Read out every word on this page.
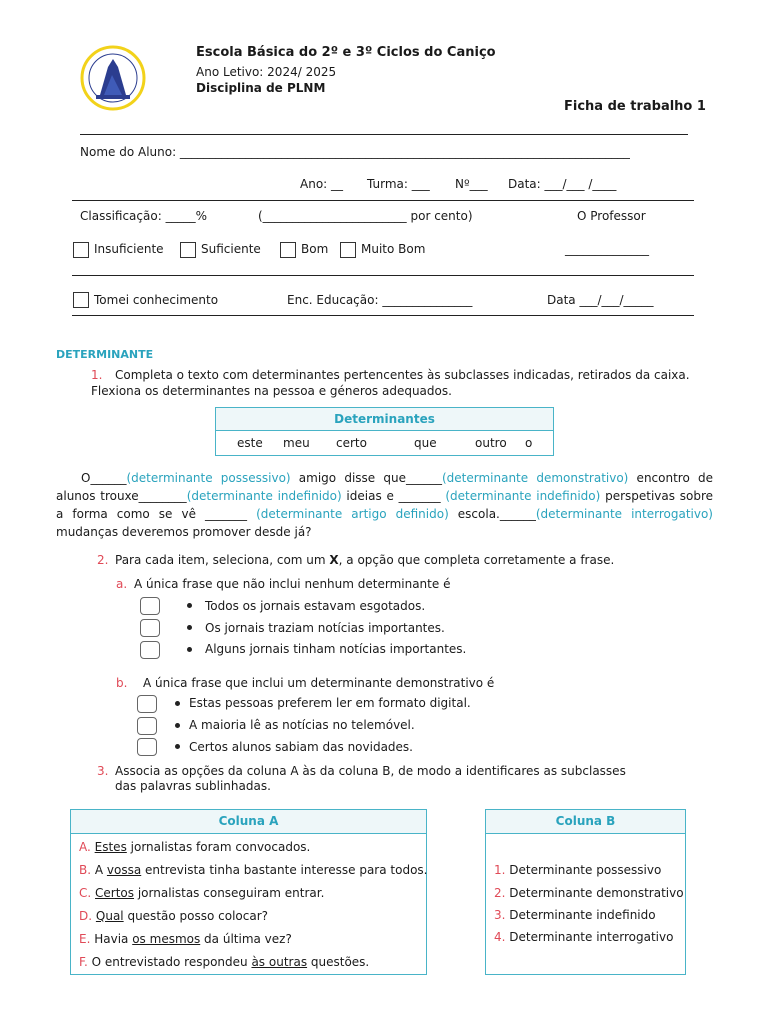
Escola Básica do 2º e 3º Ciclos do Caniço
Ano Letivo: 2024/ 2025
Disciplina de PLNM
Ficha de trabalho 1
Nome do Aluno: ___________________________________________________________________________
Ano: __ Turma: ___ Nº___ Data: ___/___ /____
Classificação: _____%	(________________________ por cento)	O Professor
Insuficiente	Suficiente	Bom	Muito Bom	______________
Tomei conhecimento	Enc. Educação: _______________	Data ___/___/_____
DETERMINANTE
1. Completa o texto com determinantes pertencentes às subclasses indicadas, retirados da caixa.
Flexiona os determinantes na pessoa e géneros adequados.
Determinantes
este meu certo	que	outro o
O______(determinante possessivo) amigo disse que______(determinante demonstrativo) encontro de alunos trouxe________(determinante indefinido) ideias e _______ (determinante indefinido) perspetivas sobre a forma como se vê _______ (determinante artigo definido) escola.______(determinante interrogativo) mudanças deveremos promover desde já?
2. Para cada item, seleciona, com um X, a opção que completa corretamente a frase.
a. A única frase que não inclui nenhum determinante é
Todos os jornais estavam esgotados.
Os jornais traziam notícias importantes.
Alguns jornais tinham notícias importantes.
b. A única frase que inclui um determinante demonstrativo é
Estas pessoas preferem ler em formato digital.
A maioria lê as notícias no telemóvel.
Certos alunos sabiam das novidades.
3. Associa as opções da coluna A às da coluna B, de modo a identificares as subclasses
das palavras sublinhadas.
Coluna A
A. Estes jornalistas foram convocados.
B. A vossa entrevista tinha bastante interesse para todos.
C. Certos jornalistas conseguiram entrar.
D. Qual questão posso colocar?
E. Havia os mesmos da última vez?
F. O entrevistado respondeu às outras questões.
Coluna B
1. Determinante possessivo
2. Determinante demonstrativo
3. Determinante indefinido
4. Determinante interrogativo
